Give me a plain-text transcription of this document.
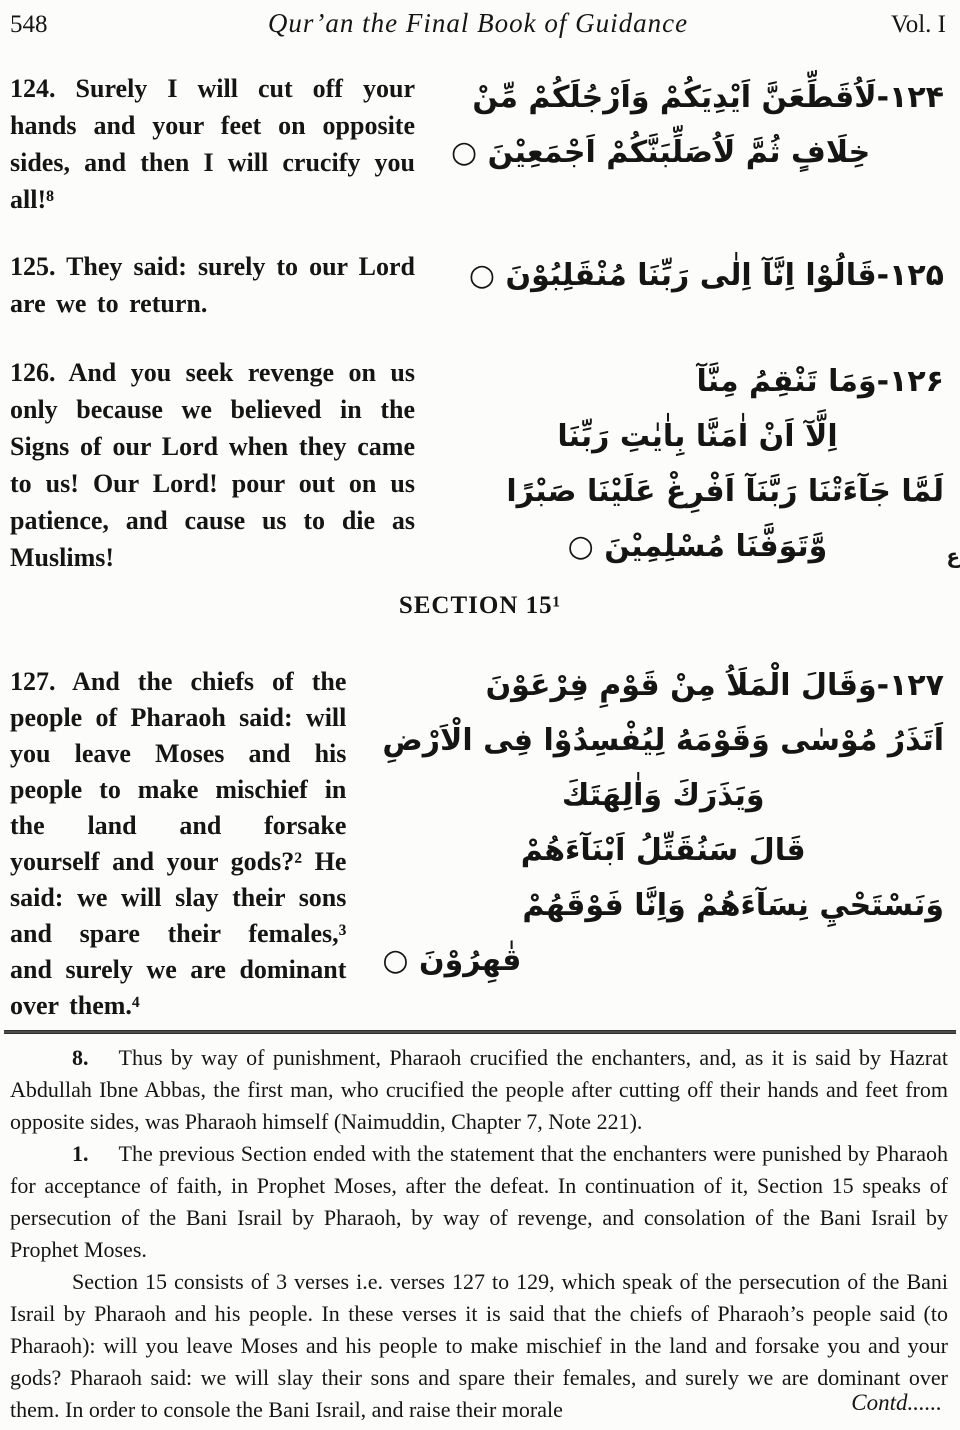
548	Qur’an the Final Book of Guidance	Vol. I
124. Surely I will cut off your hands and your feet on opposite sides, and then I will crucify you all!⁸
۱۲۴-لَاُقَطِّعَنَّ اَيْدِيَكُمْ وَاَرْجُلَكُمْ مِّنْ
خِلَافٍ ثُمَّ لَاُصَلِّبَنَّكُمْ اَجْمَعِيْنَ ○
125. They said: surely to our Lord are we to return.
۱۲۵-قَالُوْا اِنَّآ اِلٰى رَبِّنَا مُنْقَلِبُوْنَ ○
126. And you seek revenge on us only because we believed in the Signs of our Lord when they came to us! Our Lord! pour out on us patience, and cause us to die as Muslims!
۱۲۶-وَمَا تَنْقِمُ مِنَّآ
اِلَّآ اَنْ اٰمَنَّا بِاٰيٰتِ رَبِّنَا
لَمَّا جَآءَتْنَا رَبَّنَآ اَفْرِغْ عَلَيْنَا صَبْرًا
وَّتَوَفَّنَا مُسْلِمِيْنَ ○	ع
SECTION 15¹
127. And the chiefs of the people of Pharaoh said: will you leave Moses and his people to make mischief in the land and forsake yourself and your gods?² He said: we will slay their sons and spare their females,³ and surely we are dominant over them.⁴
۱۲۷-وَقَالَ الْمَلَاُ مِنْ قَوْمِ فِرْعَوْنَ
اَتَذَرُ مُوْسٰى وَقَوْمَهُ لِيُفْسِدُوْا فِى الْاَرْضِ
وَيَذَرَكَ وَاٰلِهَتَكَ
قَالَ سَنُقَتِّلُ اَبْنَآءَهُمْ
وَنَسْتَحْيِ نِسَآءَهُمْ وَاِنَّا فَوْقَهُمْ
قٰهِرُوْنَ ○

8. Thus by way of punishment, Pharaoh crucified the enchanters, and, as it is said by Hazrat Abdullah Ibne Abbas, the first man, who crucified the people after cutting off their hands and feet from opposite sides, was Pharaoh himself (Naimuddin, Chapter 7, Note 221).

1. The previous Section ended with the statement that the enchanters were punished by Pharaoh for acceptance of faith, in Prophet Moses, after the defeat. In continuation of it, Section 15 speaks of persecution of the Bani Israil by Pharaoh, by way of revenge, and consolation of the Bani Israil by Prophet Moses.

Section 15 consists of 3 verses i.e. verses 127 to 129, which speak of the persecution of the Bani Israil by Pharaoh and his people. In these verses it is said that the chiefs of Pharaoh’s people said (to Pharaoh): will you leave Moses and his people to make mischief in the land and forsake you and your gods? Pharaoh said: we will slay their sons and spare their females, and surely we are dominant over them. In order to console the Bani Israil, and raise their morale	Contd......
